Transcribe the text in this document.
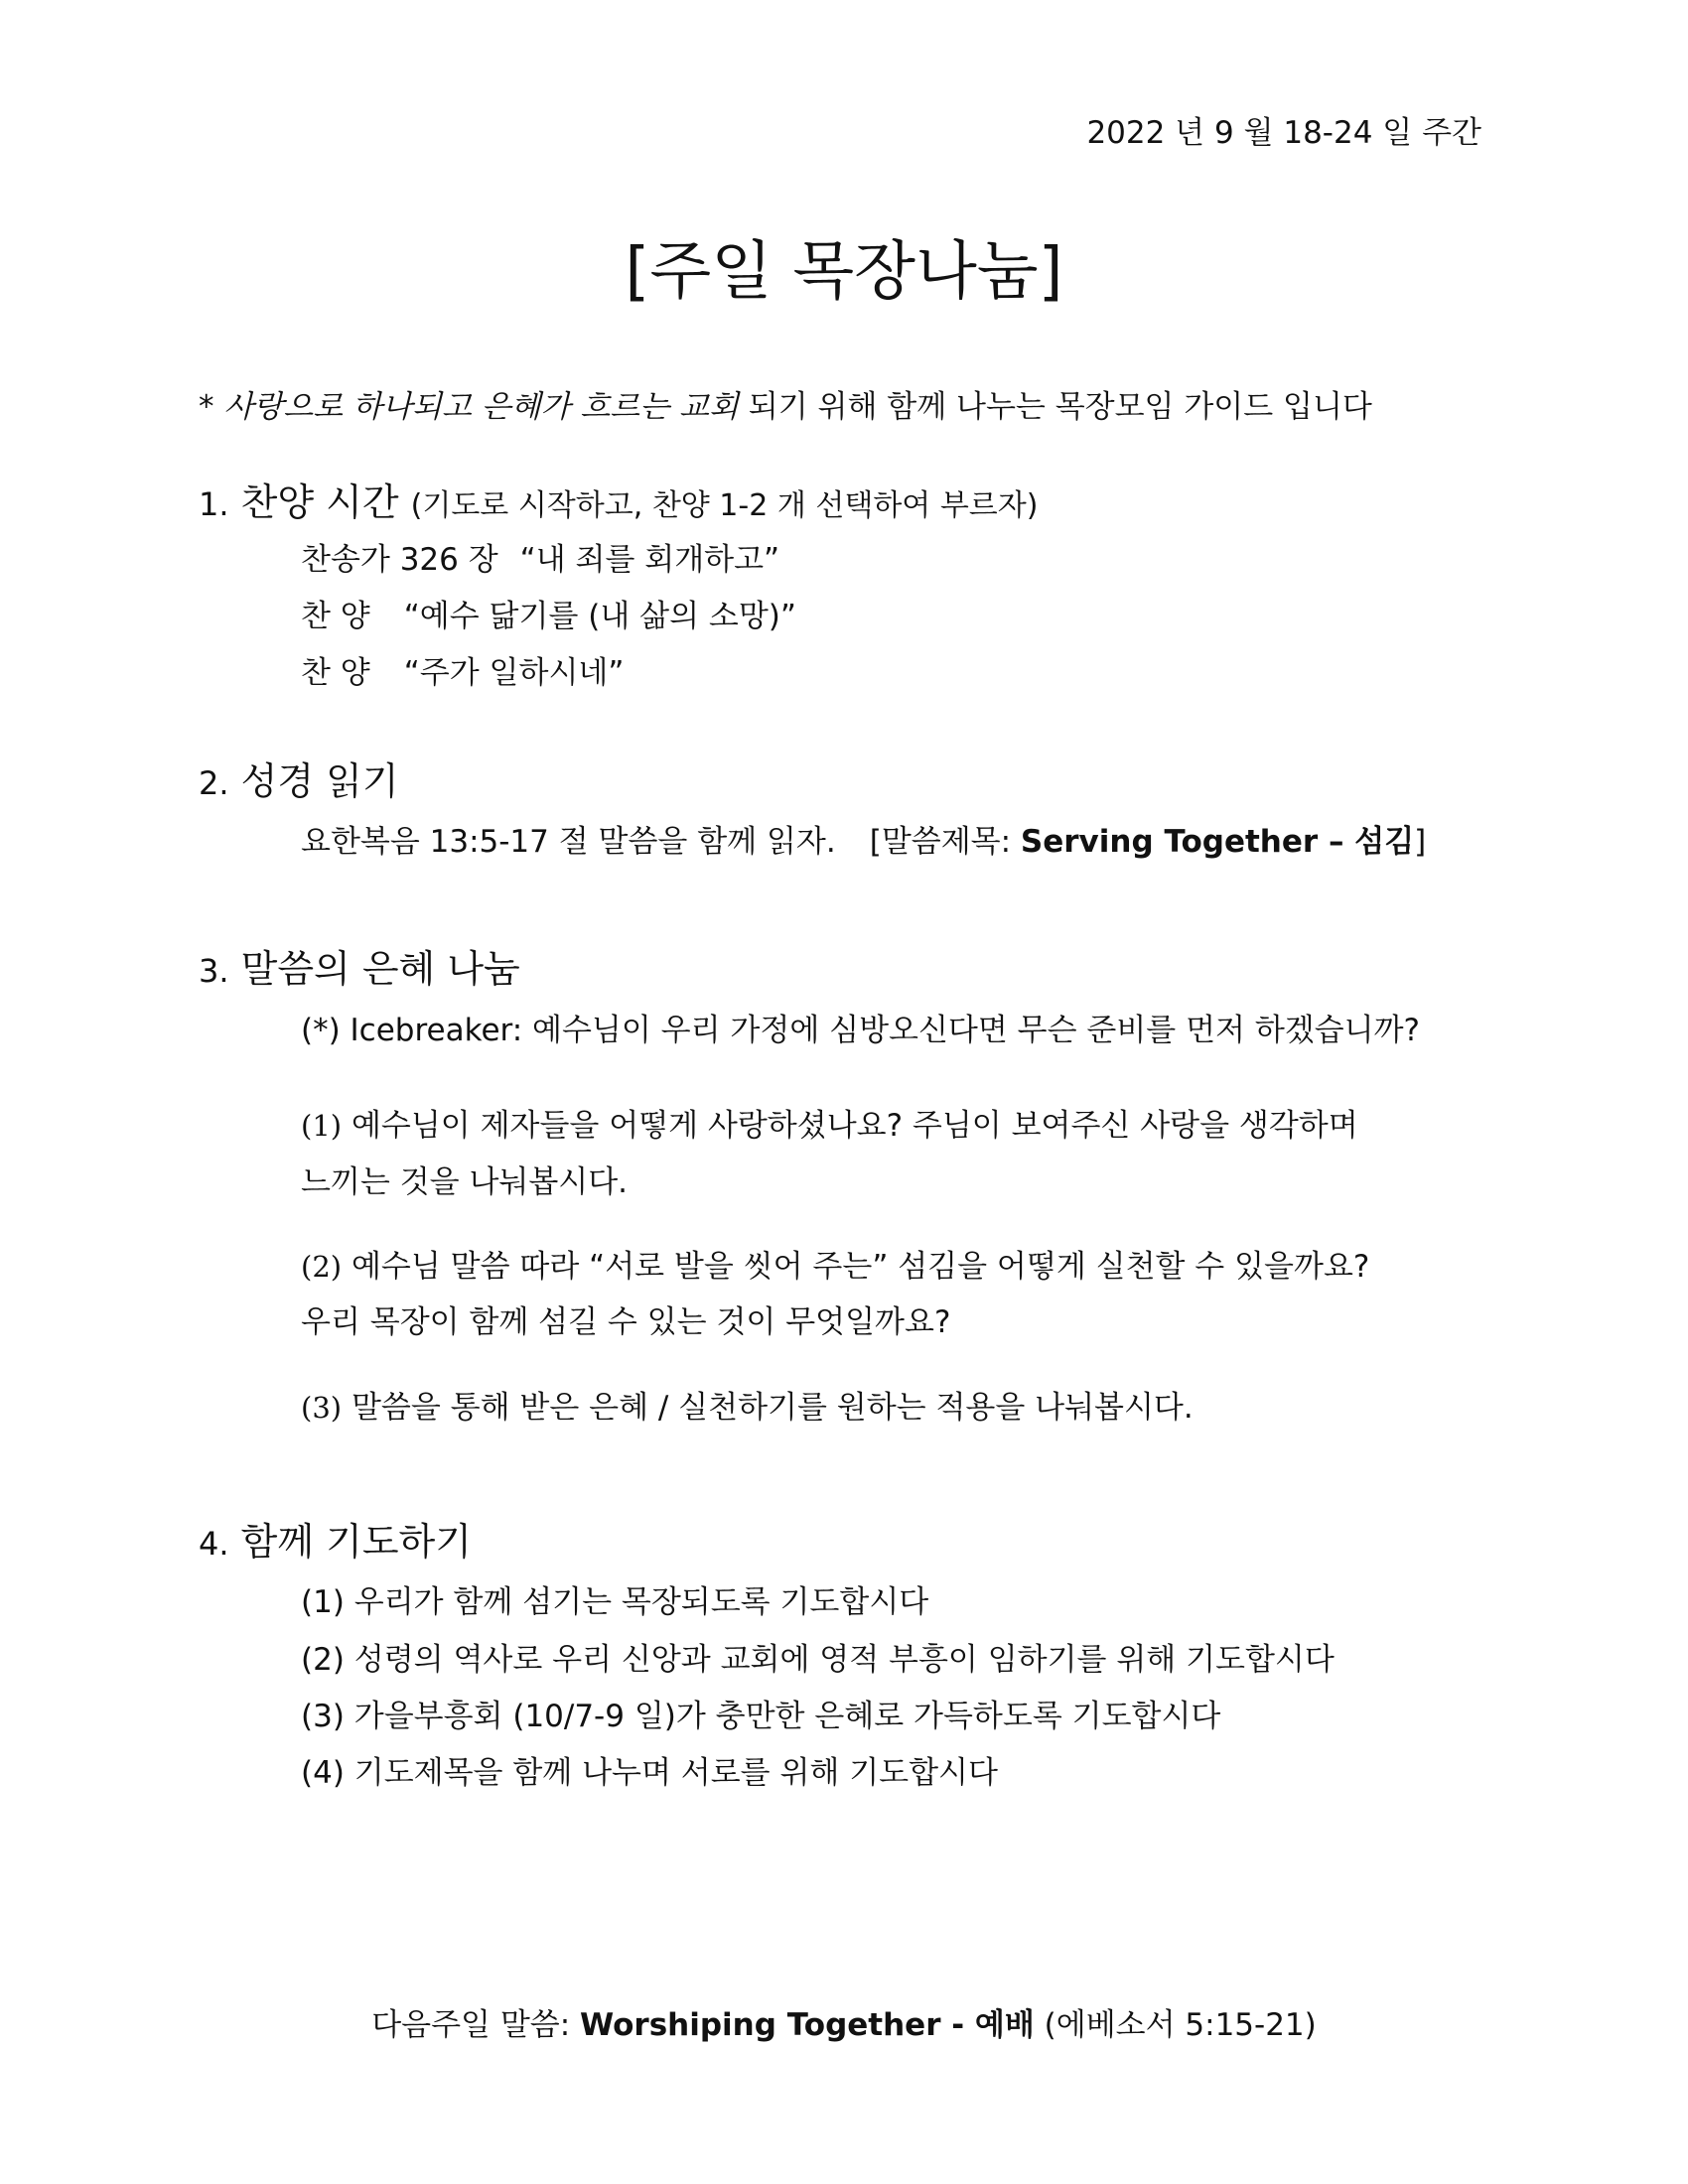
2022 년 9 월 18-24 일 주간
[주일 목장나눔]
* 사랑으로 하나되고 은혜가 흐르는 교회 되기 위해 함께 나누는 목장모임 가이드 입니다
1. 찬양 시간 (기도로 시작하고, 찬양 1-2 개 선택하여 부르자)
찬송가 326 장 “내 죄를 회개하고”
찬 양 “예수 닮기를 (내 삶의 소망)”
찬 양 “주가 일하시네”
2. 성경 읽기
요한복음 13:5-17 절 말씀을 함께 읽자. [말씀제목: Serving Together – 섬김]
3. 말씀의 은혜 나눔
(*) Icebreaker: 예수님이 우리 가정에 심방오신다면 무슨 준비를 먼저 하겠습니까?
(1) 예수님이 제자들을 어떻게 사랑하셨나요? 주님이 보여주신 사랑을 생각하며
느끼는 것을 나눠봅시다.
(2) 예수님 말씀 따라 “서로 발을 씻어 주는” 섬김을 어떻게 실천할 수 있을까요?
우리 목장이 함께 섬길 수 있는 것이 무엇일까요?
(3) 말씀을 통해 받은 은혜 / 실천하기를 원하는 적용을 나눠봅시다.
4. 함께 기도하기
(1) 우리가 함께 섬기는 목장되도록 기도합시다
(2) 성령의 역사로 우리 신앙과 교회에 영적 부흥이 임하기를 위해 기도합시다
(3) 가을부흥회 (10/7-9 일)가 충만한 은혜로 가득하도록 기도합시다
(4) 기도제목을 함께 나누며 서로를 위해 기도합시다
다음주일 말씀: Worshiping Together - 예배 (에베소서 5:15-21)
